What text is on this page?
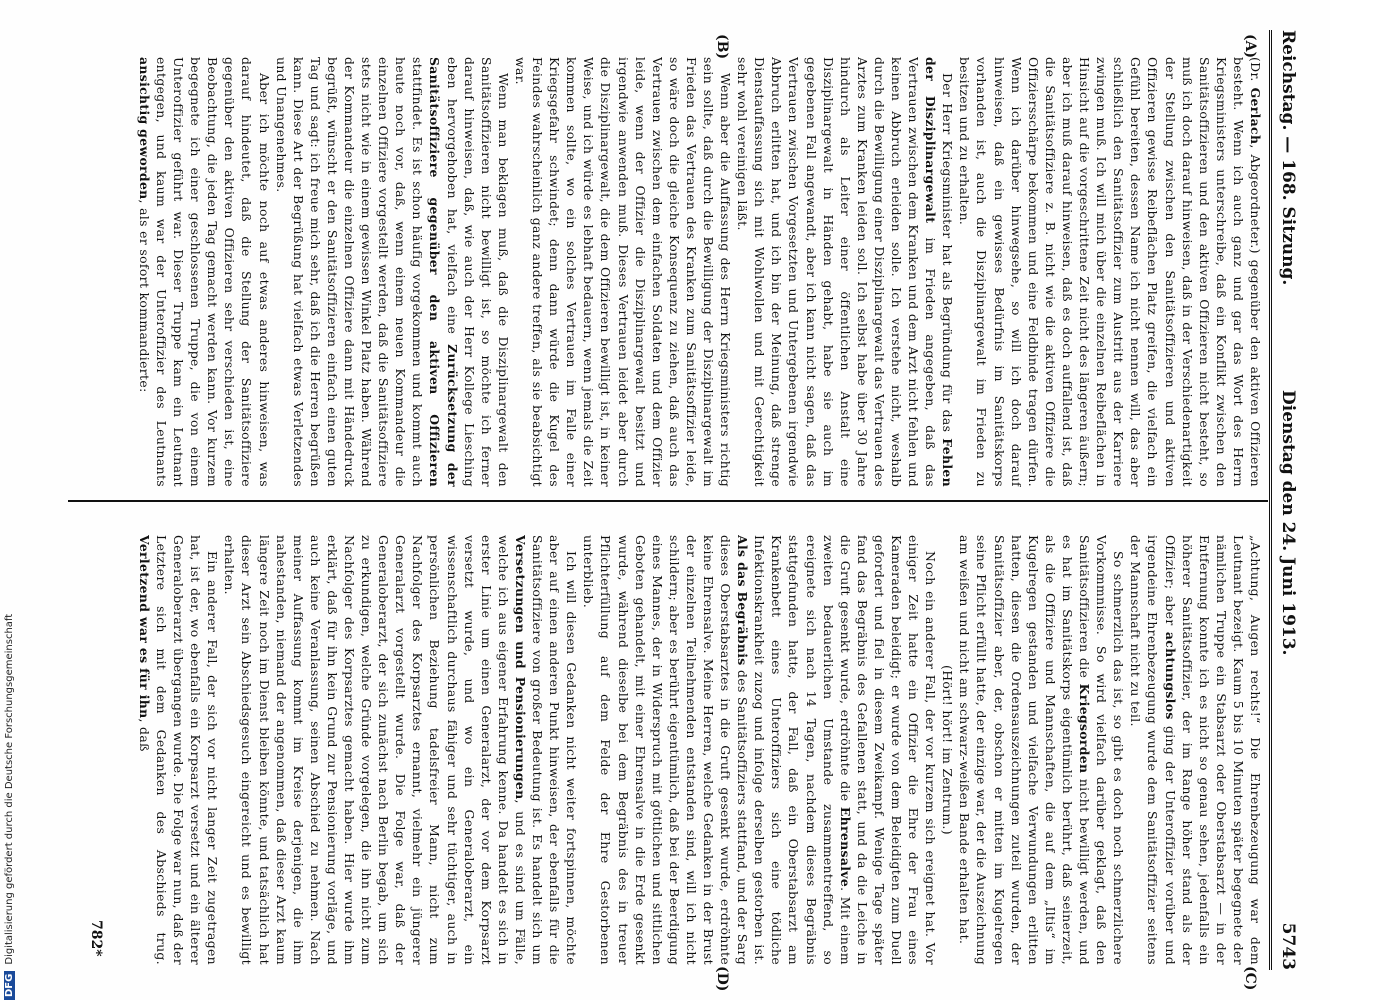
Reichstag. — 168. Sitzung.
Dienstag den 24. Juni 1913.
5743
(A)
(B)
(C)
(D)

(Dr. Gerlach, Abgeordneter.) gegenüber den aktiven Offizieren besteht. Wenn ich auch ganz und gar das Wort des Herrn Kriegsministers unterschreibe, daß ein Konflikt zwischen den Sanitätsoffizieren und den aktiven Offizieren nicht besteht, so muß ich doch darauf hinweisen, daß in der Verschiedenartigkeit der Stellung zwischen den Sanitätsoffizieren und aktiven Offizieren gewisse Reibeflächen Platz greifen, die vielfach ein Gefühl bereiten, dessen Name ich nicht nennen will, das aber schließlich den Sanitätsoffizier zum Austritt aus der Karriere zwingen muß. Ich will mich über die einzelnen Reibeflächen in Hinsicht auf die vorgeschrittene Zeit nicht des längeren äußern; aber ich muß darauf hinweisen, daß es doch auffallend ist, daß die Sanitätsoffiziere z. B. nicht wie die aktiven Offiziere die Offiziersschärpe bekommen und eine Feldbinde tragen dürfen. Wenn ich darüber hinwegsehe, so will ich doch darauf hinweisen, daß ein gewisses Bedürfnis im Sanitätskorps vorhanden ist, auch die Disziplinargewalt im Frieden zu besitzen und zu erhalten.

Der Herr Kriegsminister hat als Begründung für das Fehlen der Disziplinargewalt im Frieden angegeben, daß das Vertrauen zwischen dem Kranken und dem Arzt nicht fehlen und keinen Abbruch erleiden solle. Ich verstehe nicht, weshalb durch die Bewilligung einer Disziplinargewalt das Vertrauen des Arztes zum Kranken leiden soll. Ich selbst habe über 30 Jahre hindurch als Leiter einer öffentlichen Anstalt eine Disziplinargewalt in Händen gehabt, habe sie auch im gegebenen Fall angewandt, aber ich kann nicht sagen, daß das Vertrauen zwischen Vorgesetzten und Untergebenen irgendwie Abbruch erlitten hat, und ich bin der Meinung, daß strenge Dienstauffassung sich mit Wohlwollen und mit Gerechtigkeit sehr wohl vereinigen läßt.

Wenn aber die Auffassung des Herrn Kriegsministers richtig sein sollte, daß durch die Bewilligung der Disziplinargewalt im Frieden das Vertrauen des Kranken zum Sanitätsoffizier leide, so wäre doch die gleiche Konsequenz zu ziehen, daß auch das Vertrauen zwischen dem einfachen Soldaten und dem Offizier leide, wenn der Offizier die Disziplinargewalt besitzt und irgendwie anwenden muß. Dieses Vertrauen leidet aber durch die Disziplinargewalt, die dem Offizieren bewilligt ist, in keiner Weise, und ich würde es lebhaft bedauern, wenn jemals die Zeit kommen sollte, wo ein solches Vertrauen im Falle einer Kriegsgefahr schwindet; denn dann würde die Kugel des Feindes wahrscheinlich ganz andere treffen, als sie beabsichtigt war.

Wenn man beklagen muß, daß die Disziplinargewalt den Sanitätsoffizieren nicht bewilligt ist, so möchte ich ferner darauf hinweisen, daß, wie auch der Herr Kollege Liesching eben hervorgehoben hat, vielfach eine Zurücksetzung der Sanitätsoffiziere gegenüber den aktiven Offizieren stattfindet. Es ist schon häufig vorgekommen und kommt auch heute noch vor, daß, wenn einem neuen Kommandeur die einzelnen Offiziere vorgestellt werden, daß die Sanitätsoffiziere stets nicht wie in einem gewissen Winkel Platz haben. Während der Kommandeur die einzelnen Offiziere dann mit Händedruck begrüßt, wünscht er den Sanitätsoffizieren einfach einen guten Tag und sagt: ich freue mich sehr, daß ich die Herren begrüßen kann. Diese Art der Begrüßung hat vielfach etwas Verletzendes und Unangenehmes.

Aber ich möchte noch auf etwas anderes hinweisen, was darauf hindeutet, daß die Stellung der Sanitätsoffiziere gegenüber den aktiven Offizieren sehr verschieden ist, eine Beobachtung, die jeden Tag gemacht werden kann. Vor kurzem begegnete ich einer geschlossenen Truppe, die von einem Unteroffizier geführt war. Dieser Truppe kam ein Leutnant entgegen, und kaum war der Unteroffizier des Leutnants ansichtig geworden, als er sofort kommandierte:

„Achtung, Augen rechts!“ Die Ehrenbezeugung war dem Leutnant bezeigt. Kaum 5 bis 10 Minuten später begegnete der nämlichen Truppe ein Stabsarzt oder Oberstabsarzt — in der Entfernung konnte ich es nicht so genau sehen, jedenfalls ein höherer Sanitätsoffizier, der im Range höher stand als der Offizier; aber achtungslos ging der Unteroffizier vorüber und irgendeine Ehrenbezeugung wurde dem Sanitätsoffizier seitens der Mannschaft nicht zu teil.

So schmerzlich das ist, so gibt es doch noch schmerzlichere Vorkommnisse. So wird vielfach darüber geklagt, daß den Sanitätsoffizieren die Kriegsorden nicht bewilligt werden, und es hat im Sanitätskorps eigentümlich berührt, daß seinerzeit, als die Offiziere und Mannschaften, die auf dem „Iltis“ im Kugelregen gestanden und vielfache Verwundungen erlitten hatten, diesen die Ordensauszeichnungen zuteil wurden, der Sanitätsoffizier aber, der, obschon er mitten im Kugelregen seine Pflicht erfüllt hatte, der einzige war, der die Auszeichnung am weißen und nicht am schwarz-weißen Bande erhalten hat.

(Hört! hört! im Zentrum.)

Noch ein anderer Fall, der vor kurzem sich ereignet hat. Vor einiger Zeit hatte ein Offizier die Ehre der Frau eines Kameraden beleidigt; er wurde von dem Beleidigten zum Duell gefordert und fiel in diesem Zweikampf. Wenige Tage später fand das Begräbnis des Gefallenen statt, und da die Leiche in die Gruft gesenkt wurde, erdröhnte die Ehrensalve. Mit einem zweiten bedauerlichen Umstande zusammentreffend, so ereignete sich nach 14 Tagen, nachdem dieses Begräbnis stattgefunden hatte, der Fall, daß ein Oberstabsarzt am Krankenbett eines Unteroffiziers sich eine tödliche Infektionskrankheit zuzog und infolge derselben gestorben ist. Als das Begräbnis des Sanitätsoffiziers stattfand, und der Sarg dieses Oberstabsarztes in die Gruft gesenkt wurde, erdröhnte keine Ehrensalve. Meine Herren, welche Gedanken in der Brust der einzelnen Teilnehmenden entstanden sind, will ich nicht schildern; aber es berührt eigentümlich, daß bei der Beerdigung eines Mannes, der in Widerspruch mit göttlichen und sittlichen Geboten gehandelt, mit einer Ehrensalve in die Erde gesenkt wurde, während dieselbe bei dem Begräbnis des in treuer Pflichterfüllung auf dem Felde der Ehre Gestorbenen unterblieb.

Ich will diesen Gedanken nicht weiter fortspinnen, möchte aber auf einen anderen Punkt hinweisen, der ebenfalls für die Sanitätsoffiziere von großer Bedeutung ist. Es handelt sich um Versetzungen und Pensionierungen, und es sind um Fälle, welche ich aus eigener Erfahrung kenne. Da handelt es sich in erster Linie um einen Generalarzt, der vor dem Korpsarzt versetzt wurde, und wo ein Generaloberarzt, ein wissenschaftlich durchaus fähiger und sehr tüchtiger, auch in persönlichen Beziehung tadelsfreier Mann, nicht zum Nachfolger des Korpsarztes ernannt, vielmehr ein jüngerer Generalarzt vorgestellt wurde. Die Folge war, daß der Generaloberarzt, der sich zunächst nach Berlin begab, um sich zu erkundigen, welche Gründe vorgelegen, die ihn nicht zum Nachfolger des Korpsarztes gemacht haben. Hier wurde ihm erklärt, daß für ihn kein Grund zur Pensionierung vorläge, und auch keine Veranlassung, seinen Abschied zu nehmen. Nach meiner Auffassung kommt im Kreise derjenigen, die ihm nahestanden, niemand der angenommen, daß dieser Arzt kaum längere Zeit noch im Dienst bleiben könnte, und tatsächlich hat dieser Arzt sein Abschiedsgesuch eingereicht und es bewilligt erhalten.

Ein anderer Fall, der sich vor nicht langer Zeit zugetragen hat, ist der, wo ebenfalls ein Korpsarzt versetzt und ein älterer Generaloberarzt übergangen wurde. Die Folge war nun, daß der Letztere sich mit dem Gedanken des Abschieds trug. Verletzend war es für ihn, daß

782*
DFGDigitalisierung gefördert durch die Deutsche Forschungsgemeinschaft
